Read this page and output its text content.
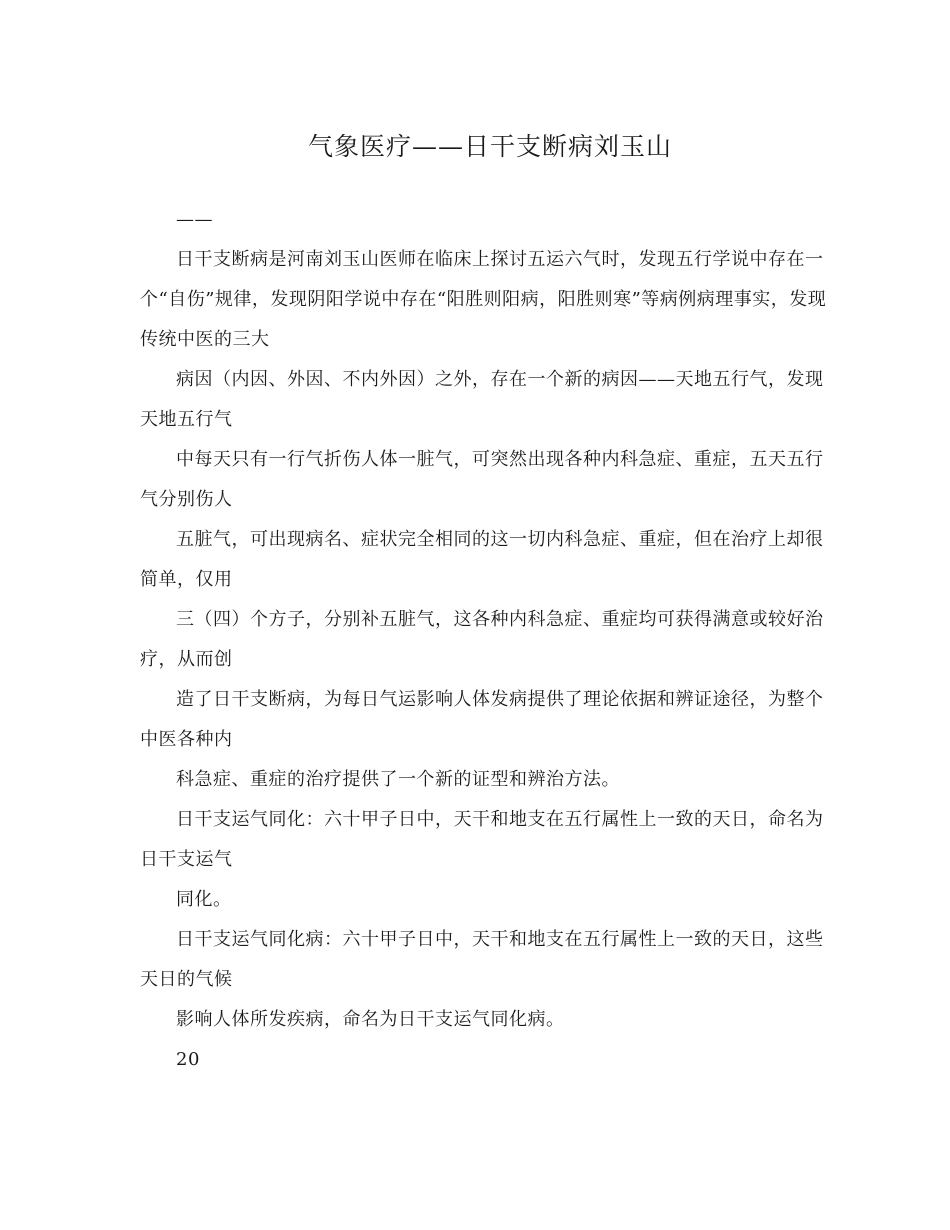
气象医疗——日干支断病刘玉山

——

日干支断病是河南刘玉山医师在临床上探讨五运六气时，发现五行学说中存在一个“自伤”规律，发现阴阳学说中存在“阳胜则阳病，阳胜则寒”等病例病理事实，发现传统中医的三大

病因（内因、外因、不内外因）之外，存在一个新的病因——天地五行气，发现天地五行气

中每天只有一行气折伤人体一脏气，可突然出现各种内科急症、重症，五天五行气分别伤人

五脏气，可出现病名、症状完全相同的这一切内科急症、重症，但在治疗上却很简单，仅用

三（四）个方子，分别补五脏气，这各种内科急症、重症均可获得满意或较好治疗，从而创

造了日干支断病，为每日气运影响人体发病提供了理论依据和辨证途径，为整个中医各种内

科急症、重症的治疗提供了一个新的证型和辨治方法。

日干支运气同化：六十甲子日中，天干和地支在五行属性上一致的天日，命名为日干支运气

同化。

日干支运气同化病：六十甲子日中，天干和地支在五行属性上一致的天日，这些天日的气候

影响人体所发疾病，命名为日干支运气同化病。

20
